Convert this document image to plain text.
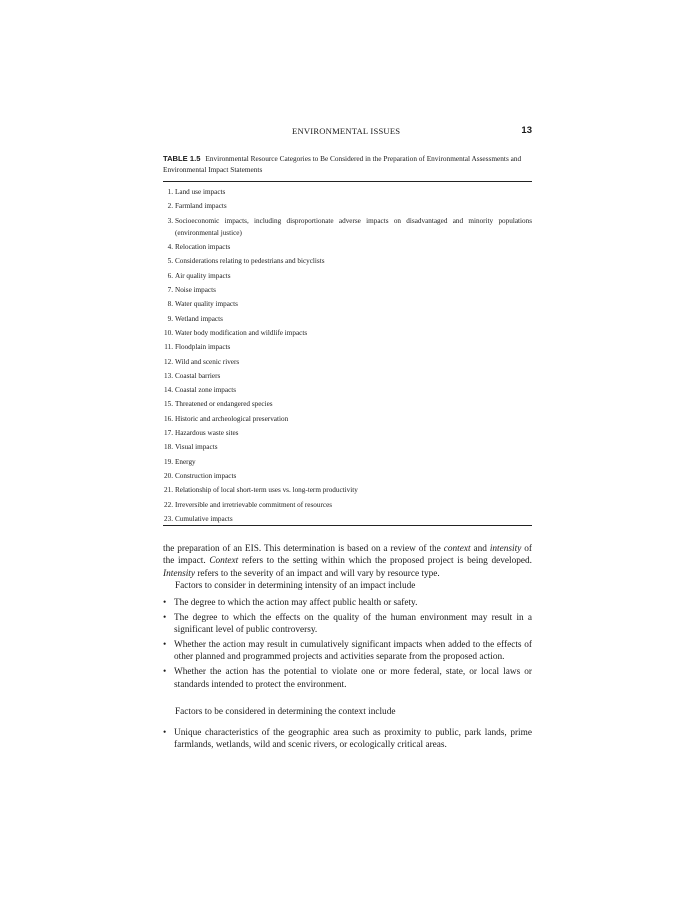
ENVIRONMENTAL ISSUES	13
TABLE 1.5 Environmental Resource Categories to Be Considered in the Preparation of Environmental Assessments and Environmental Impact Statements
1. Land use impacts
2. Farmland impacts
3. Socioeconomic impacts, including disproportionate adverse impacts on disadvantaged and minority populations (environmental justice)
4. Relocation impacts
5. Considerations relating to pedestrians and bicyclists
6. Air quality impacts
7. Noise impacts
8. Water quality impacts
9. Wetland impacts
10. Water body modification and wildlife impacts
11. Floodplain impacts
12. Wild and scenic rivers
13. Coastal barriers
14. Coastal zone impacts
15. Threatened or endangered species
16. Historic and archeological preservation
17. Hazardous waste sites
18. Visual impacts
19. Energy
20. Construction impacts
21. Relationship of local short-term uses vs. long-term productivity
22. Irreversible and irretrievable commitment of resources
23. Cumulative impacts

the preparation of an EIS. This determination is based on a review of the context and intensity of the impact. Context refers to the setting within which the proposed project is being developed. Intensity refers to the severity of an impact and will vary by resource type.
Factors to consider in determining intensity of an impact include

• The degree to which the action may affect public health or safety.
• The degree to which the effects on the quality of the human environment may result in a significant level of public controversy.
• Whether the action may result in cumulatively significant impacts when added to the effects of other planned and programmed projects and activities separate from the proposed action.
• Whether the action has the potential to violate one or more federal, state, or local laws or standards intended to protect the environment.
Factors to be considered in determining the context include
• Unique characteristics of the geographic area such as proximity to public, park lands, prime farmlands, wetlands, wild and scenic rivers, or ecologically critical areas.
